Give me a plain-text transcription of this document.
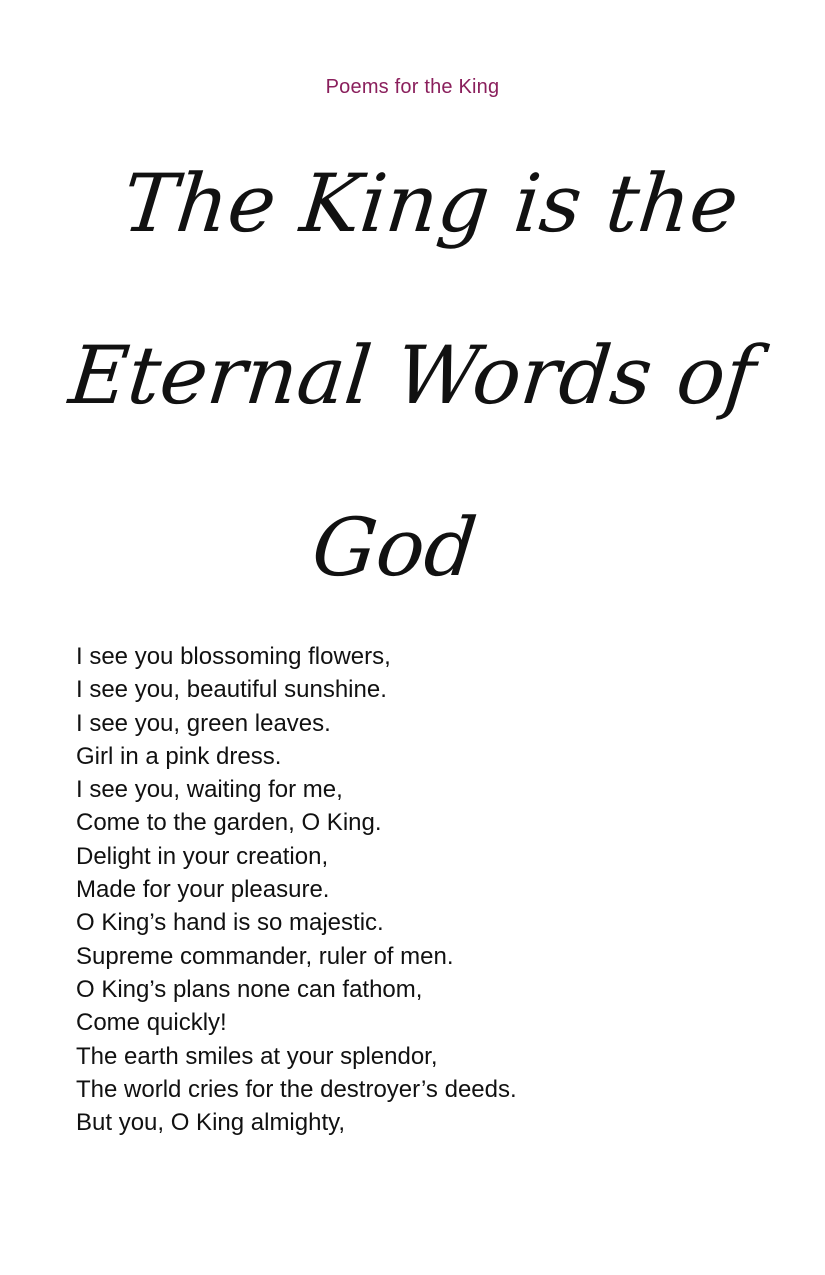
Poems for the King
The King is the
Eternal Words of
God
I see you blossoming flowers,
I see you, beautiful sunshine.
I see you, green leaves.
Girl in a pink dress.
I see you, waiting for me,
Come to the garden, O King.
Delight in your creation,
Made for your pleasure.
O King’s hand is so majestic.
Supreme commander, ruler of men.
O King’s plans none can fathom,
Come quickly!
The earth smiles at your splendor,
The world cries for the destroyer’s deeds.
But you, O King almighty,
